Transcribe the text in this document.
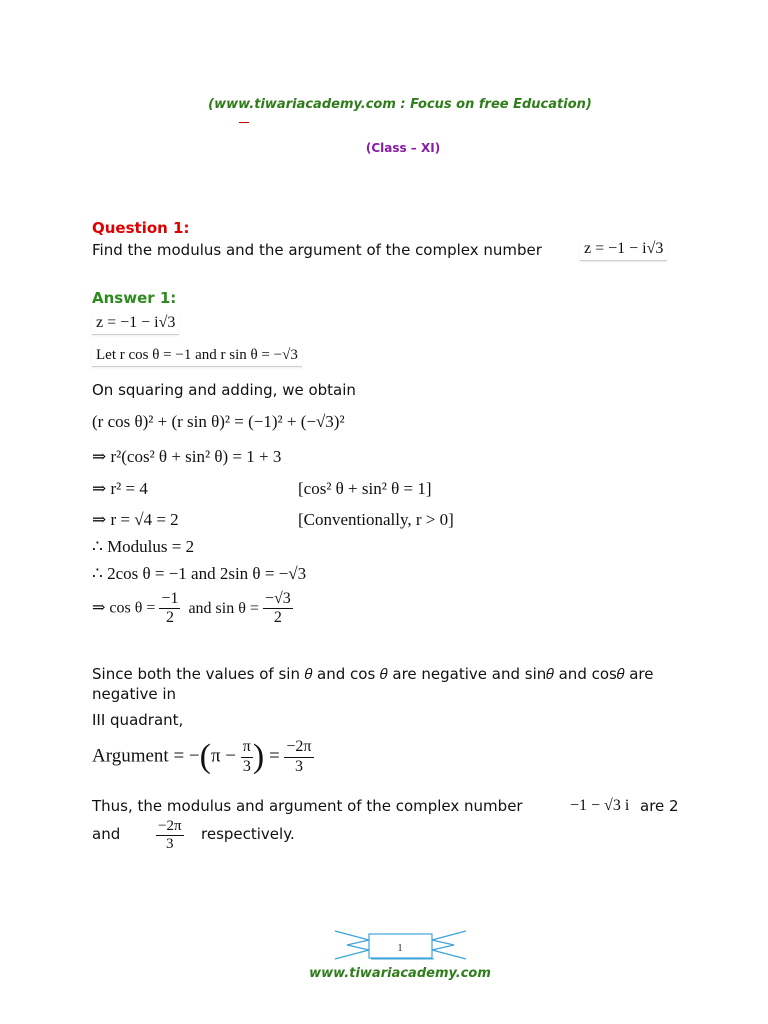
(www.tiwariacademy.com : Focus on free Education)
(Class – XI)
Question 1:
Find the modulus and the argument of the complex number	z = −1 − i√3
Answer 1:
z = −1 − i√3
Let r cos θ = −1 and r sin θ = −√3
On squaring and adding, we obtain
(r cos θ)² + (r sin θ)² = (−1)² + (−√3)²
⇒ r²(cos² θ + sin² θ) = 1 + 3
⇒ r² = 4	[cos² θ + sin² θ = 1]
⇒ r = √4 = 2	[Conventionally, r > 0]
∴ Modulus = 2
∴ 2cos θ = −1 and 2sin θ = −√3
⇒ $\cos \theta = \frac{-1}{2}$ and $\sin \theta = \frac{-√3}{2}$
Since both the values of sin 𝜃 and cos 𝜃 are negative and sin𝜃 and cos𝜃 are
negative in
III quadrant,
Argument = $-(\pi - \frac{\pi}{3}$ ) = $\frac{-2\pi}{3}$
Thus, the modulus and argument of the complex number	−1 − √3 i are 2
and $\frac{-2\pi}{3}$ respectively.
1
www.tiwariacademy.com
